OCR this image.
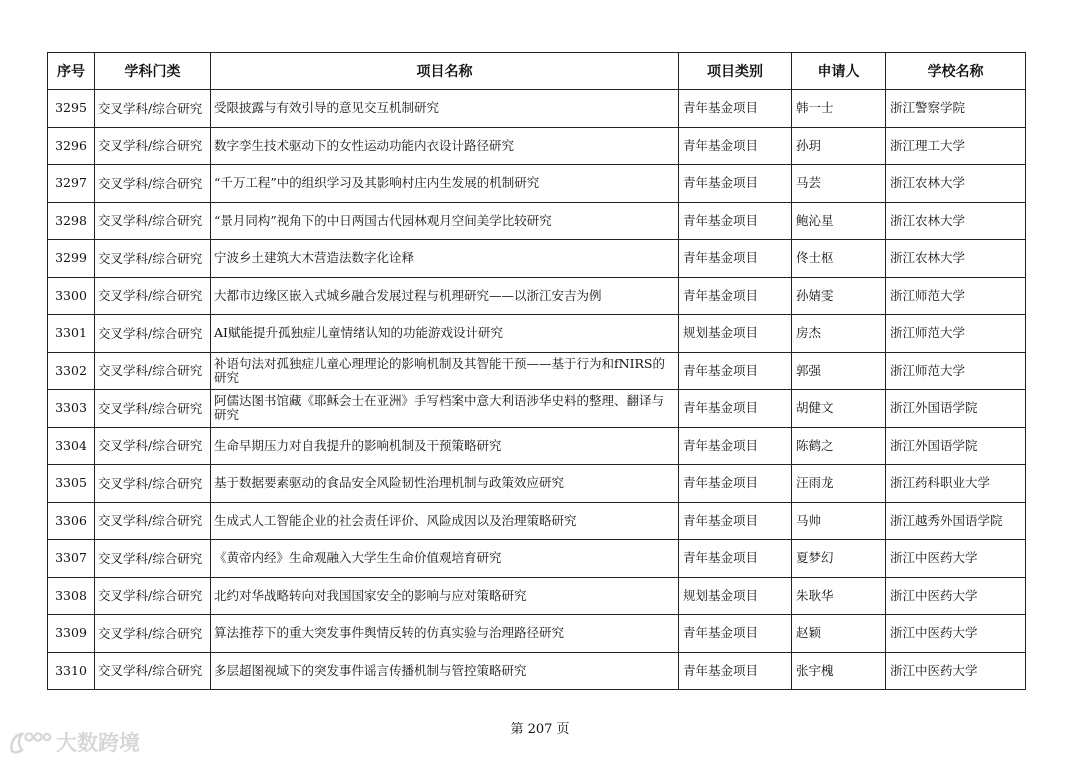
序号	学科门类	项目名称	项目类别	申请人	学校名称
3295	交叉学科/综合研究	受限披露与有效引导的意见交互机制研究	青年基金项目	韩一士	浙江警察学院
3296	交叉学科/综合研究	数字孪生技术驱动下的女性运动功能内衣设计路径研究	青年基金项目	孙玥	浙江理工大学
3297	交叉学科/综合研究	“千万工程”中的组织学习及其影响村庄内生发展的机制研究	青年基金项目	马芸	浙江农林大学
3298	交叉学科/综合研究	“景月同构”视角下的中日两国古代园林观月空间美学比较研究	青年基金项目	鲍沁星	浙江农林大学
3299	交叉学科/综合研究	宁波乡土建筑大木营造法数字化诠释	青年基金项目	佟士枢	浙江农林大学
3300	交叉学科/综合研究	大都市边缘区嵌入式城乡融合发展过程与机理研究——以浙江安吉为例	青年基金项目	孙婧雯	浙江师范大学
3301	交叉学科/综合研究	AI赋能提升孤独症儿童情绪认知的功能游戏设计研究	规划基金项目	房杰	浙江师范大学
3302	交叉学科/综合研究	补语句法对孤独症儿童心理理论的影响机制及其智能干预——基于行为和fNIRS的研究	青年基金项目	郭强	浙江师范大学
3303	交叉学科/综合研究	阿儒达图书馆藏《耶稣会士在亚洲》手写档案中意大利语涉华史料的整理、翻译与研究	青年基金项目	胡健文	浙江外国语学院
3304	交叉学科/综合研究	生命早期压力对自我提升的影响机制及干预策略研究	青年基金项目	陈鹤之	浙江外国语学院
3305	交叉学科/综合研究	基于数据要素驱动的食品安全风险韧性治理机制与政策效应研究	青年基金项目	汪雨龙	浙江药科职业大学
3306	交叉学科/综合研究	生成式人工智能企业的社会责任评价、风险成因以及治理策略研究	青年基金项目	马帅	浙江越秀外国语学院
3307	交叉学科/综合研究	《黄帝内经》生命观融入大学生生命价值观培育研究	青年基金项目	夏梦幻	浙江中医药大学
3308	交叉学科/综合研究	北约对华战略转向对我国国家安全的影响与应对策略研究	规划基金项目	朱耿华	浙江中医药大学
3309	交叉学科/综合研究	算法推荐下的重大突发事件舆情反转的仿真实验与治理路径研究	青年基金项目	赵颖	浙江中医药大学
3310	交叉学科/综合研究	多层超图视域下的突发事件谣言传播机制与管控策略研究	青年基金项目	张宇槐	浙江中医药大学
第 207 页
大数跨境
